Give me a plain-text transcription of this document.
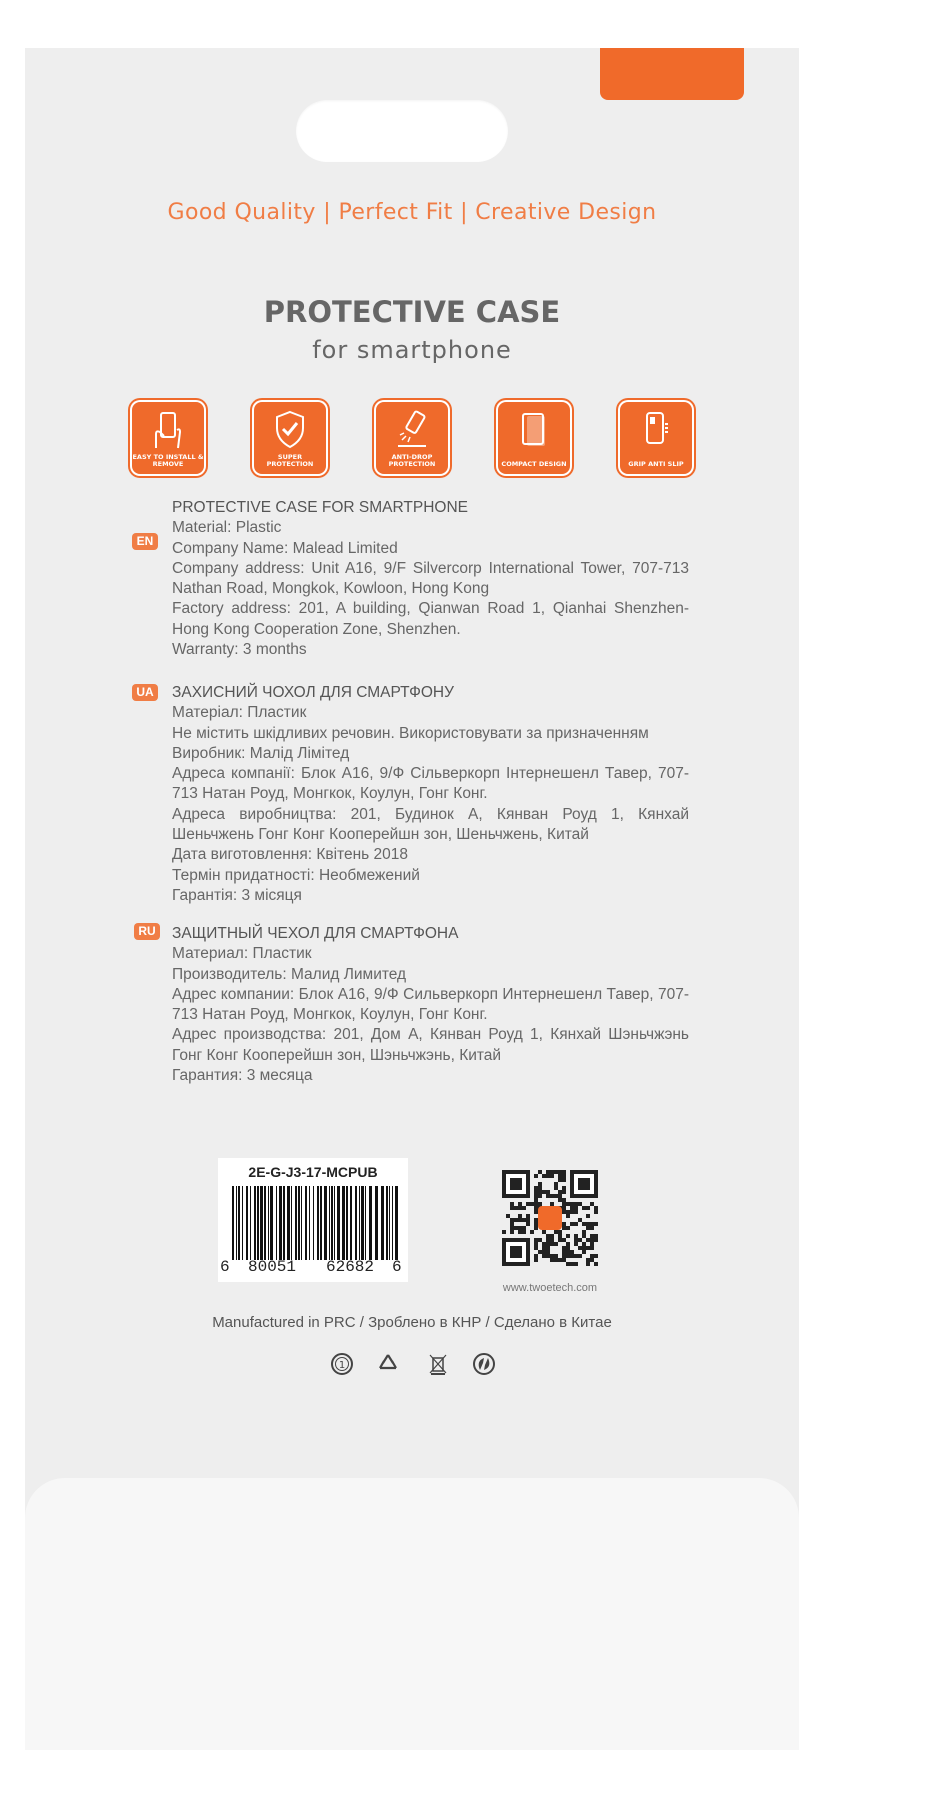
Good Quality | Perfect Fit | Creative Design
PROTECTIVE CASE
for smartphone
EASY TO INSTALL & REMOVE
SUPER PROTECTION
ANTI-DROP PROTECTION	COMPACT DESIGN	GRIP ANTI SLIP
EN

PROTECTIVE CASE FOR SMARTPHONE

Material: Plastic

Company Name: Malead Limited

Company address: Unit A16, 9/F Silvercorp International Tower, 707-713 Nathan Road, Mongkok, Kowloon, Hong Kong

Factory address: 201, A building, Qianwan Road 1, Qianhai Shenzhen-Hong Kong Cooperation Zone, Shenzhen.

Warranty: 3 months

UA ЗАХИСНИЙ ЧОХОЛ ДЛЯ СМАРТФОНУ

Матеріал: Пластик

Не містить шкідливих речовин. Використовувати за призначенням

Виробник: Малід Лімітед

Адреса компанії: Блок А16, 9/Ф Сільверкорп Інтернешенл Тавер, 707-713 Натан Роуд, Монгкок, Коулун, Гонг Конг.

Адреса виробництва: 201, Будинок А, Кянван Роуд 1, Кянхай Шеньчжень Гонг Конг Кооперейшн зон, Шеньчжень, Китай

Дата виготовлення: Квітень 2018

Термін придатності: Необмежений

Гарантія: 3 місяця

RU ЗАЩИТНЫЙ ЧЕХОЛ ДЛЯ СМАРТФОНА

Материал: Пластик

Производитель: Малид Лимитед

Адрес компании: Блок А16, 9/Ф Сильверкорп Интернешенл Тавер, 707-713 Натан Роуд, Монгкок, Коулун, Гонг Конг.

Адрес производства: 201, Дом А, Кянван Роуд 1, Кянхай Шэньчжэнь Гонг Конг Кооперейшн зон, Шэньчжэнь, Китай

Гарантия: 3 месяца

2E-G-J3-17-MCPUB
6 80051 62682 6
www.twoetech.com
Manufactured in PRC / Зроблено в КНР / Сделано в Китае
1
